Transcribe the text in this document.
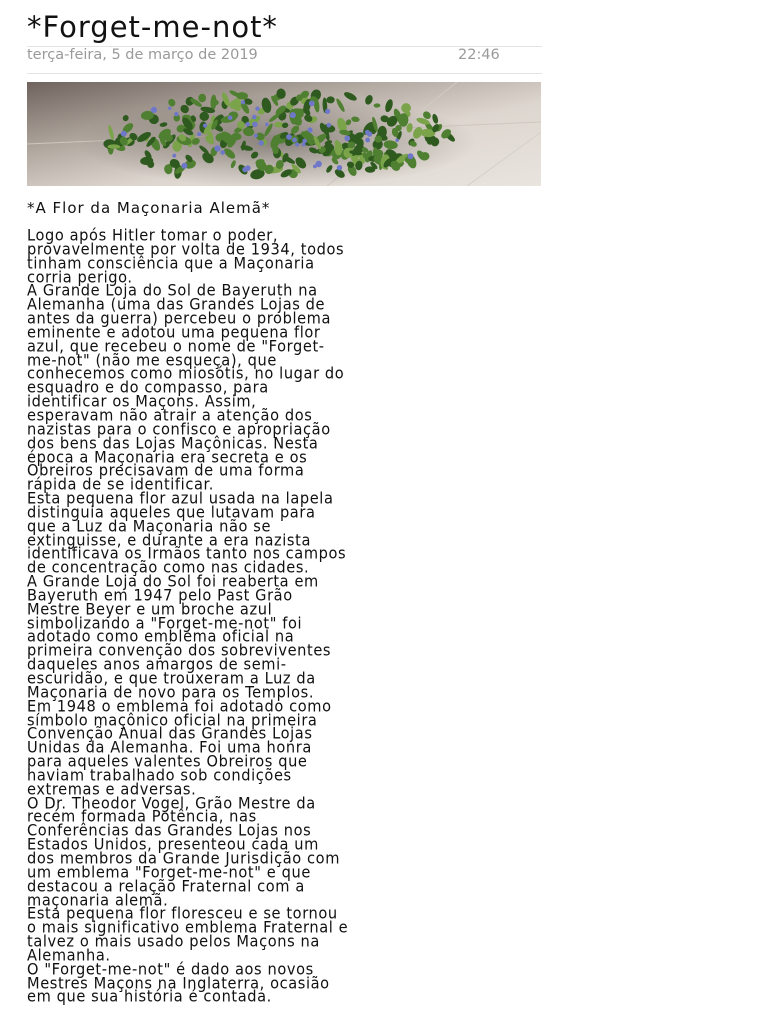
*Forget-me-not*
terça-feira, 5 de março de 2019	22:46
*A Flor da Maçonaria Alemã*
Logo após Hitler tomar o poder,
provavelmente por volta de 1934, todos
tinham consciência que a Maçonaria
corria perigo.
A Grande Loja do Sol de Bayeruth na
Alemanha (uma das Grandes Lojas de
antes da guerra) percebeu o problema
eminente e adotou uma pequena flor
azul, que recebeu o nome de "Forget-
me-not" (não me esqueça), que
conhecemos como miosótis, no lugar do
esquadro e do compasso, para
identificar os Maçons. Assim,
esperavam não atrair a atenção dos
nazistas para o confisco e apropriação
dos bens das Lojas Maçônicas. Nesta
época a Maçonaria era secreta e os
Obreiros precisavam de uma forma
rápida de se identificar.
Esta pequena flor azul usada na lapela
distinguia aqueles que lutavam para
que a Luz da Maçonaria não se
extinguisse, e durante a era nazista
identificava os Irmãos tanto nos campos
de concentração como nas cidades.
A Grande Loja do Sol foi reaberta em
Bayeruth em 1947 pelo Past Grão
Mestre Beyer e um broche azul
simbolizando a "Forget-me-not" foi
adotado como emblema oficial na
primeira convenção dos sobreviventes
daqueles anos amargos de semi-
escuridão, e que trouxeram a Luz da
Maçonaria de novo para os Templos.
Em 1948 o emblema foi adotado como
símbolo maçônico oficial na primeira
Convenção Anual das Grandes Lojas
Unidas da Alemanha. Foi uma honra
para aqueles valentes Obreiros que
haviam trabalhado sob condições
extremas e adversas.
O Dr. Theodor Vogel, Grão Mestre da
recém formada Potência, nas
Conferências das Grandes Lojas nos
Estados Unidos, presenteou cada um
dos membros da Grande Jurisdição com
um emblema "Forget-me-not" e que
destacou a relação Fraternal com a
maçonaria alemã.
Esta pequena flor floresceu e se tornou
o mais significativo emblema Fraternal e
talvez o mais usado pelos Maçons na
Alemanha.
O "Forget-me-not" é dado aos novos
Mestres Maçons na Inglaterra, ocasião
em que sua história é contada.
